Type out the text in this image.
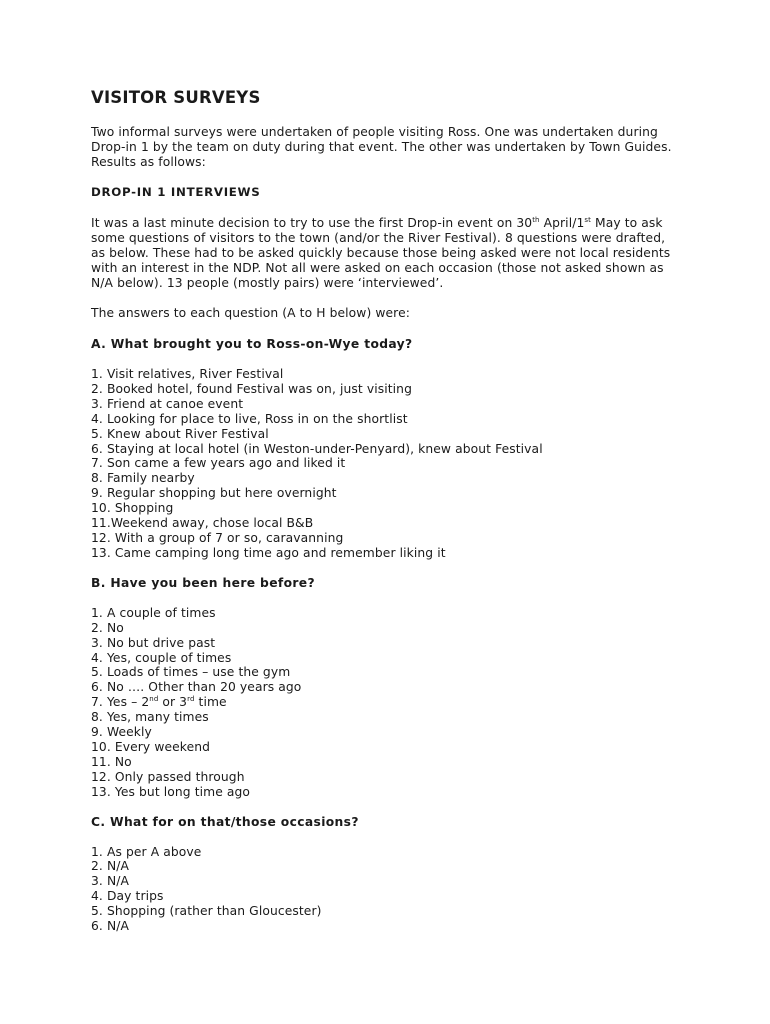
VISITOR SURVEYS

Two informal surveys were undertaken of people visiting Ross. One was undertaken during Drop-in 1 by the team on duty during that event. The other was undertaken by Town Guides. Results as follows:

DROP-IN 1 INTERVIEWS

It was a last minute decision to try to use the first Drop-in event on 30th April/1st May to ask some questions of visitors to the town (and/or the River Festival). 8 questions were drafted, as below. These had to be asked quickly because those being asked were not local residents with an interest in the NDP. Not all were asked on each occasion (those not asked shown as N/A below). 13 people (mostly pairs) were ‘interviewed’.

The answers to each question (A to H below) were:

A. What brought you to Ross-on-Wye today?
1. Visit relatives, River Festival
2. Booked hotel, found Festival was on, just visiting
3. Friend at canoe event
4. Looking for place to live, Ross in on the shortlist
5. Knew about River Festival
6. Staying at local hotel (in Weston-under-Penyard), knew about Festival
7. Son came a few years ago and liked it
8. Family nearby
9. Regular shopping but here overnight
10. Shopping
11.Weekend away, chose local B&B
12. With a group of 7 or so, caravanning
13. Came camping long time ago and remember liking it
B. Have you been here before?
1. A couple of times
2. No
3. No but drive past
4. Yes, couple of times
5. Loads of times – use the gym
6. No …. Other than 20 years ago
7. Yes – 2nd or 3rd time
8. Yes, many times
9. Weekly
10. Every weekend
11. No
12. Only passed through
13. Yes but long time ago
C. What for on that/those occasions?
1. As per A above
2. N/A
3. N/A
4. Day trips
5. Shopping (rather than Gloucester)
6. N/A
